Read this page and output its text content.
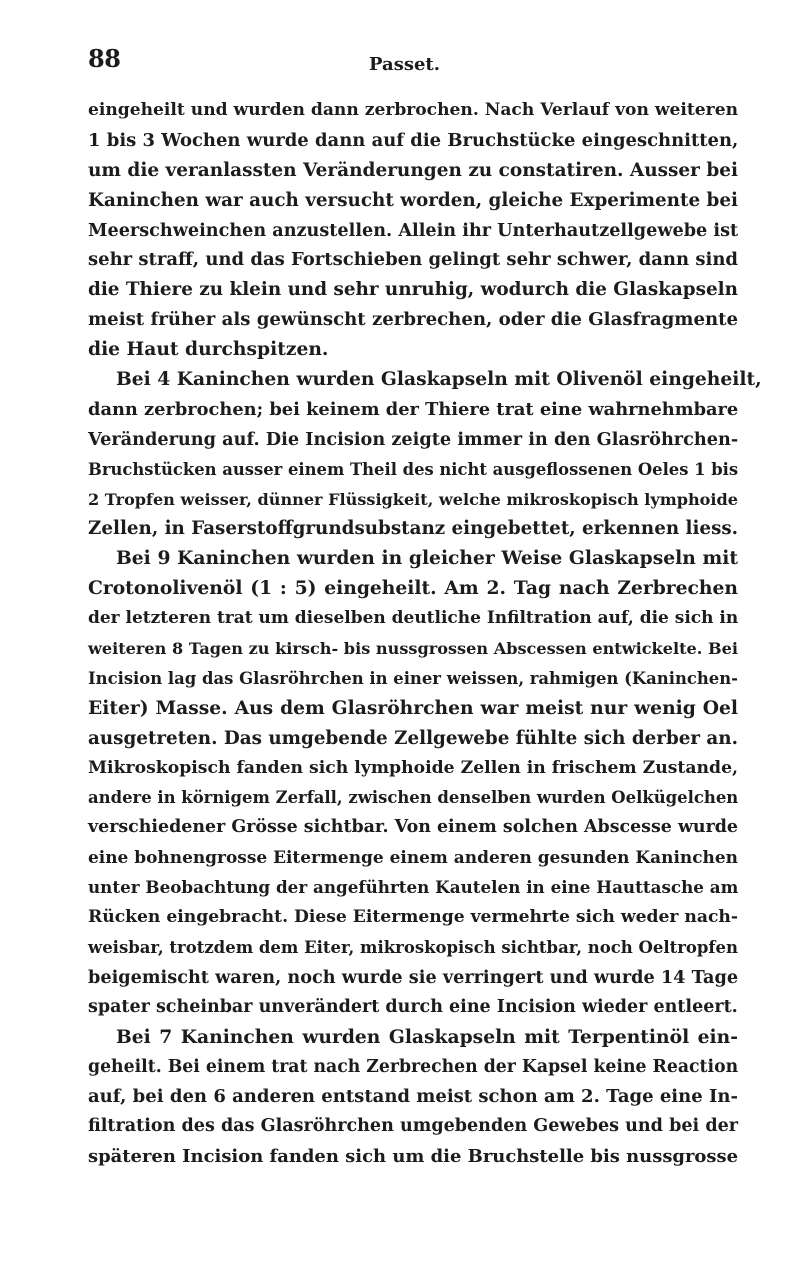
88	Passet.
eingeheilt und wurden dann zerbrochen. Nach Verlauf von weiteren
1 bis 3 Wochen wurde dann auf die Bruchstücke eingeschnitten,
um die veranlassten Veränderungen zu constatiren. Ausser bei
Kaninchen war auch versucht worden, gleiche Experimente bei
Meerschweinchen anzustellen. Allein ihr Unterhautzellgewebe ist
sehr straff, und das Fortschieben gelingt sehr schwer, dann sind
die Thiere zu klein und sehr unruhig, wodurch die Glaskapseln
meist früher als gewünscht zerbrechen, oder die Glasfragmente
die Haut durchspitzen.
Bei 4 Kaninchen wurden Glaskapseln mit Olivenöl eingeheilt,
dann zerbrochen; bei keinem der Thiere trat eine wahrnehmbare
Veränderung auf. Die Incision zeigte immer in den Glasröhrchen-
Bruchstücken ausser einem Theil des nicht ausgeflossenen Oeles 1 bis
2 Tropfen weisser, dünner Flüssigkeit, welche mikroskopisch lymphoide
Zellen, in Faserstoffgrundsubstanz eingebettet, erkennen liess.
Bei 9 Kaninchen wurden in gleicher Weise Glaskapseln mit
Crotonolivenöl (1 : 5) eingeheilt. Am 2. Tag nach Zerbrechen
der letzteren trat um dieselben deutliche Infiltration auf, die sich in
weiteren 8 Tagen zu kirsch- bis nussgrossen Abscessen entwickelte. Bei
Incision lag das Glasröhrchen in einer weissen, rahmigen (Kaninchen-
Eiter) Masse. Aus dem Glasröhrchen war meist nur wenig Oel
ausgetreten. Das umgebende Zellgewebe fühlte sich derber an.
Mikroskopisch fanden sich lymphoide Zellen in frischem Zustande,
andere in körnigem Zerfall, zwischen denselben wurden Oelkügelchen
verschiedener Grösse sichtbar. Von einem solchen Abscesse wurde
eine bohnengrosse Eitermenge einem anderen gesunden Kaninchen
unter Beobachtung der angeführten Kautelen in eine Hauttasche am
Rücken eingebracht. Diese Eitermenge vermehrte sich weder nach-
weisbar, trotzdem dem Eiter, mikroskopisch sichtbar, noch Oeltropfen
beigemischt waren, noch wurde sie verringert und wurde 14 Tage
spater scheinbar unverändert durch eine Incision wieder entleert.
Bei 7 Kaninchen wurden Glaskapseln mit Terpentinöl ein-
geheilt. Bei einem trat nach Zerbrechen der Kapsel keine Reaction
auf, bei den 6 anderen entstand meist schon am 2. Tage eine In-
filtration des das Glasröhrchen umgebenden Gewebes und bei der
späteren Incision fanden sich um die Bruchstelle bis nussgrosse
